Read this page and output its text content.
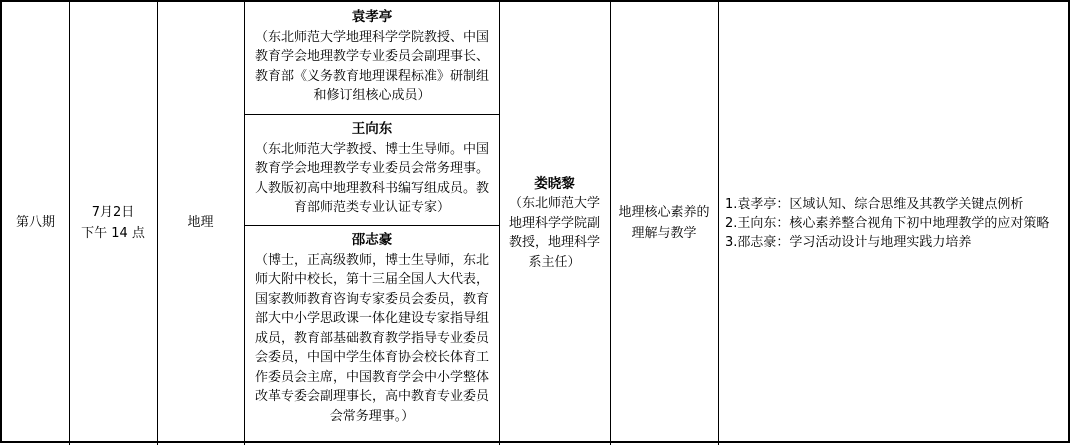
第八期
7月2日
下午 14 点
地理
袁孝亭
（东北师范大学地理科学学院教授、中国教育学会地理教学专业委员会副理事长、教育部《义务教育地理课程标准》研制组和修订组核心成员）
王向东
（东北师范大学教授、博士生导师。中国教育学会地理教学专业委员会常务理事。人教版初高中地理教科书编写组成员。教育部师范类专业认证专家）
邵志豪
（博士，正高级教师，博士生导师，东北师大附中校长，第十三届全国人大代表，国家教师教育咨询专家委员会委员，教育部大中小学思政课一体化建设专家指导组成员，教育部基础教育教学指导专业委员会委员，中国中学生体育协会校长体育工作委员会主席，中国教育学会中小学整体改革专委会副理事长，高中教育专业委员会常务理事。）
娄晓黎
（东北师范大学地理科学学院副教授，地理科学系主任）
地理核心素养的理解与教学
1.袁孝亭：区域认知、综合思维及其教学关键点例析
2.王向东：核心素养整合视角下初中地理教学的应对策略
3.邵志豪：学习活动设计与地理实践力培养
